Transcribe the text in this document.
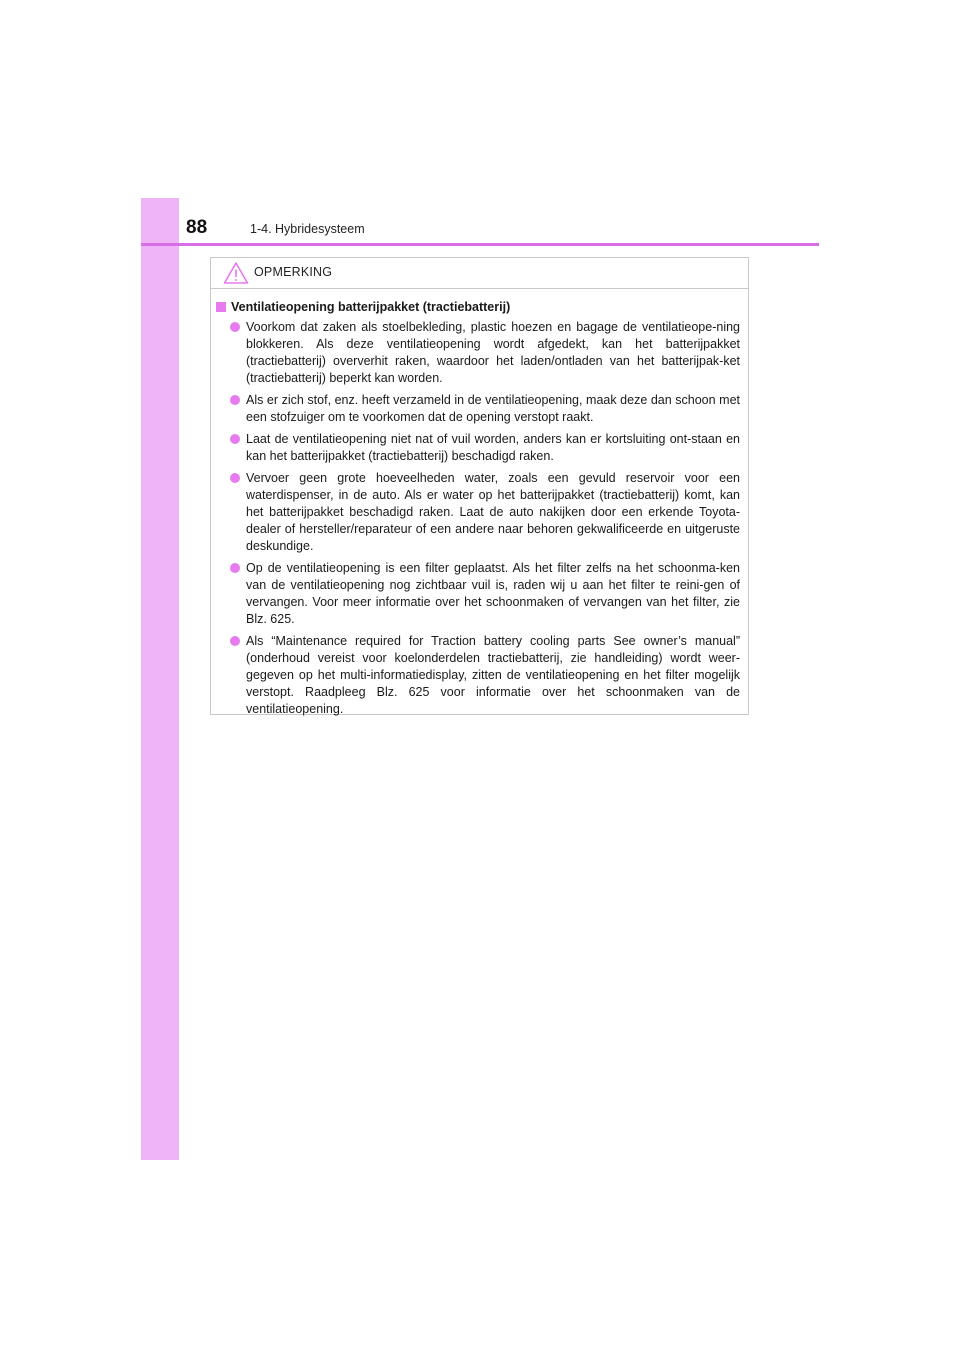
88	1-4. Hybridesysteem
OPMERKING
Ventilatieopening batterijpakket (tractiebatterij)
Voorkom dat zaken als stoelbekleding, plastic hoezen en bagage de ventilatieope-ning blokkeren. Als deze ventilatieopening wordt afgedekt, kan het batterijpakket (tractiebatterij) oververhit raken, waardoor het laden/ontladen van het batterijpak-ket (tractiebatterij) beperkt kan worden.
Als er zich stof, enz. heeft verzameld in de ventilatieopening, maak deze dan schoon met een stofzuiger om te voorkomen dat de opening verstopt raakt.
Laat de ventilatieopening niet nat of vuil worden, anders kan er kortsluiting ont-staan en kan het batterijpakket (tractiebatterij) beschadigd raken.
Vervoer geen grote hoeveelheden water, zoals een gevuld reservoir voor een waterdispenser, in de auto. Als er water op het batterijpakket (tractiebatterij) komt, kan het batterijpakket beschadigd raken. Laat de auto nakijken door een erkende Toyota-dealer of hersteller/reparateur of een andere naar behoren gekwalificeerde en uitgeruste deskundige.
Op de ventilatieopening is een filter geplaatst. Als het filter zelfs na het schoonma-ken van de ventilatieopening nog zichtbaar vuil is, raden wij u aan het filter te reini-gen of vervangen. Voor meer informatie over het schoonmaken of vervangen van het filter, zie Blz. 625.
Als “Maintenance required for Traction battery cooling parts See owner’s manual” (onderhoud vereist voor koelonderdelen tractiebatterij, zie handleiding) wordt weer-gegeven op het multi-informatiedisplay, zitten de ventilatieopening en het filter mogelijk verstopt. Raadpleeg Blz. 625 voor informatie over het schoonmaken van de ventilatieopening.
